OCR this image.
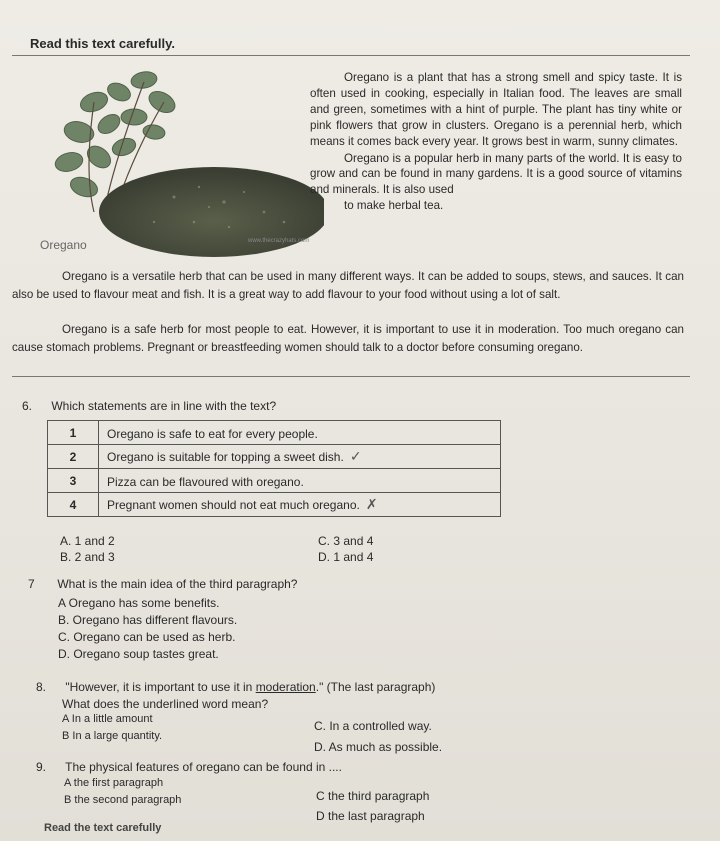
Read this text carefully.
Oregano	www.thecrazyhats.com

Oregano is a plant that has a strong smell and spicy taste. It is often used in cooking, especially in Italian food. The leaves are small and green, sometimes with a hint of purple. The plant has tiny white or pink flowers that grow in clusters. Oregano is a perennial herb, which means it comes back every year. It grows best in warm, sunny climates.

Oregano is a popular herb in many parts of the world. It is easy to grow and can be found in many gardens. It is a good source of vitamins and minerals. It is also used
to make herbal tea.

Oregano is a versatile herb that can be used in many different ways. It can be added to soups, stews, and sauces. It can also be used to flavour meat and fish. It is a great way to add flavour to your food without using a lot of salt.

Oregano is a safe herb for most people to eat. However, it is important to use it in moderation. Too much oregano can cause stomach problems. Pregnant or breastfeeding women should talk to a doctor before consuming oregano.

6. Which statements are in line with the text?
1	Oregano is safe to eat for every people.
2	Oregano is suitable for topping a sweet dish. ✓
3	Pizza can be flavoured with oregano.
4	Pregnant women should not eat much oregano. ✗
A. 1 and 2	C. 3 and 4
B. 2 and 3	D. 1 and 4
7 What is the main idea of the third paragraph?
A Oregano has some benefits.
B. Oregano has different flavours.
C. Oregano can be used as herb.
D. Oregano soup tastes great.
8. "However, it is important to use it in moderation." (The last paragraph)
What does the underlined word mean?
A In a little amount
B In a large quantity.
C. In a controlled way.
D. As much as possible.
9. The physical features of oregano can be found in ....
A the first paragraph
B the second paragraph	C the third paragraph
D the last paragraph
Read the text carefully
